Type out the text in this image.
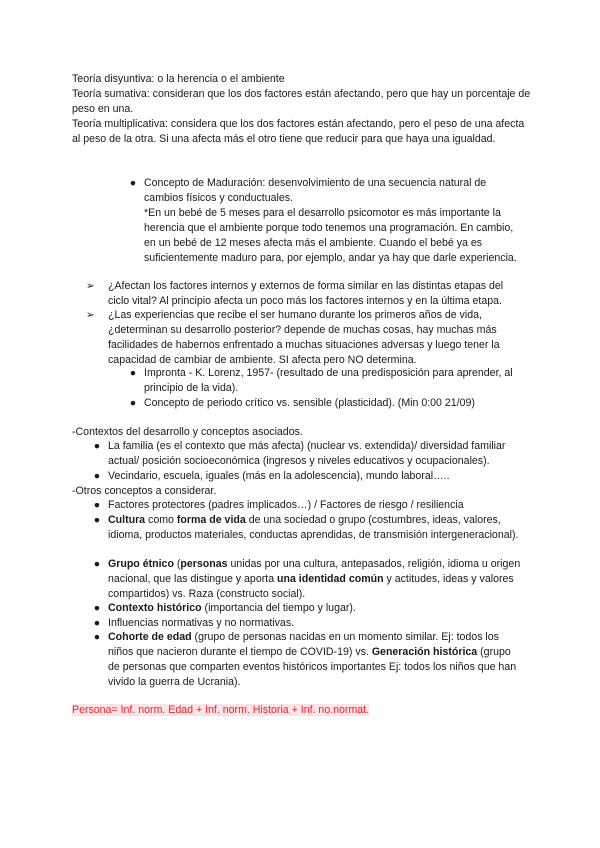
Teoría disyuntiva: o la herencia o el ambiente

Teoría sumativa: consideran que los dos factores están afectando, pero que hay un porcentaje de peso en una.

Teoría multiplicativa: considera que los dos factores están afectando, pero el peso de una afecta al peso de la otra. Si una afecta más el otro tiene que reducir para que haya una igualdad.

● Concepto de Maduración: desenvolvimiento de una secuencia natural de cambios físicos y conductuales.
*En un bebé de 5 meses para el desarrollo psicomotor es más importante la herencia que el ambiente porque todo tenemos una programación. En cambio, en un bebé de 12 meses afecta más el ambiente. Cuando el bebé ya es suficientemente maduro para, por ejemplo, andar ya hay que darle experiencia.
➢ ¿Afectan los factores internos y externos de forma similar en las distintas etapas del ciclo vital? Al principio afecta un poco más los factores internos y en la última etapa.
➢ ¿Las experiencias que recibe el ser humano durante los primeros años de vida, ¿determinan su desarrollo posterior? depende de muchas cosas, hay muchas más facilidades de habernos enfrentado a muchas situaciones adversas y luego tener la capacidad de cambiar de ambiente. SI afecta pero NO determina.
● Impronta - K. Lorenz, 1957- (resultado de una predisposición para aprender, al principio de la vida).
● Concepto de periodo crítico vs. sensible (plasticidad). (Min 0:00 21/09)
-Contextos del desarrollo y conceptos asociados.
● La familia (es el contexto que más afecta) (nuclear vs. extendida)/ diversidad familiar actual/ posición socioeconómica (ingresos y niveles educativos y ocupacionales).
● Vecindario, escuela, iguales (más en la adolescencia), mundo laboral…..
-Otros conceptos a considerar.
● Factores protectores (padres implicados…) / Factores de riesgo / resiliencia
● Cultura como forma de vida de una sociedad o grupo (costumbres, ideas, valores, idioma, productos materiales, conductas aprendidas, de transmisión intergeneracional).
● Grupo étnico (personas unidas por una cultura, antepasados, religión, idioma u origen nacional, que las distingue y aporta una identidad común y actitudes, ideas y valores compartidos) vs. Raza (constructo social).
● Contexto histórico (importancia del tiempo y lugar).
● Influencias normativas y no normativas.
● Cohorte de edad (grupo de personas nacidas en un momento similar. Ej: todos los niños que nacieron durante el tiempo de COVID-19) vs. Generación histórica (grupo de personas que comparten eventos históricos importantes Ej: todos los niños que han vivido la guerra de Ucrania).
Persona= Inf. norm. Edad + Inf. norm. Historia + Inf. no.normat.
